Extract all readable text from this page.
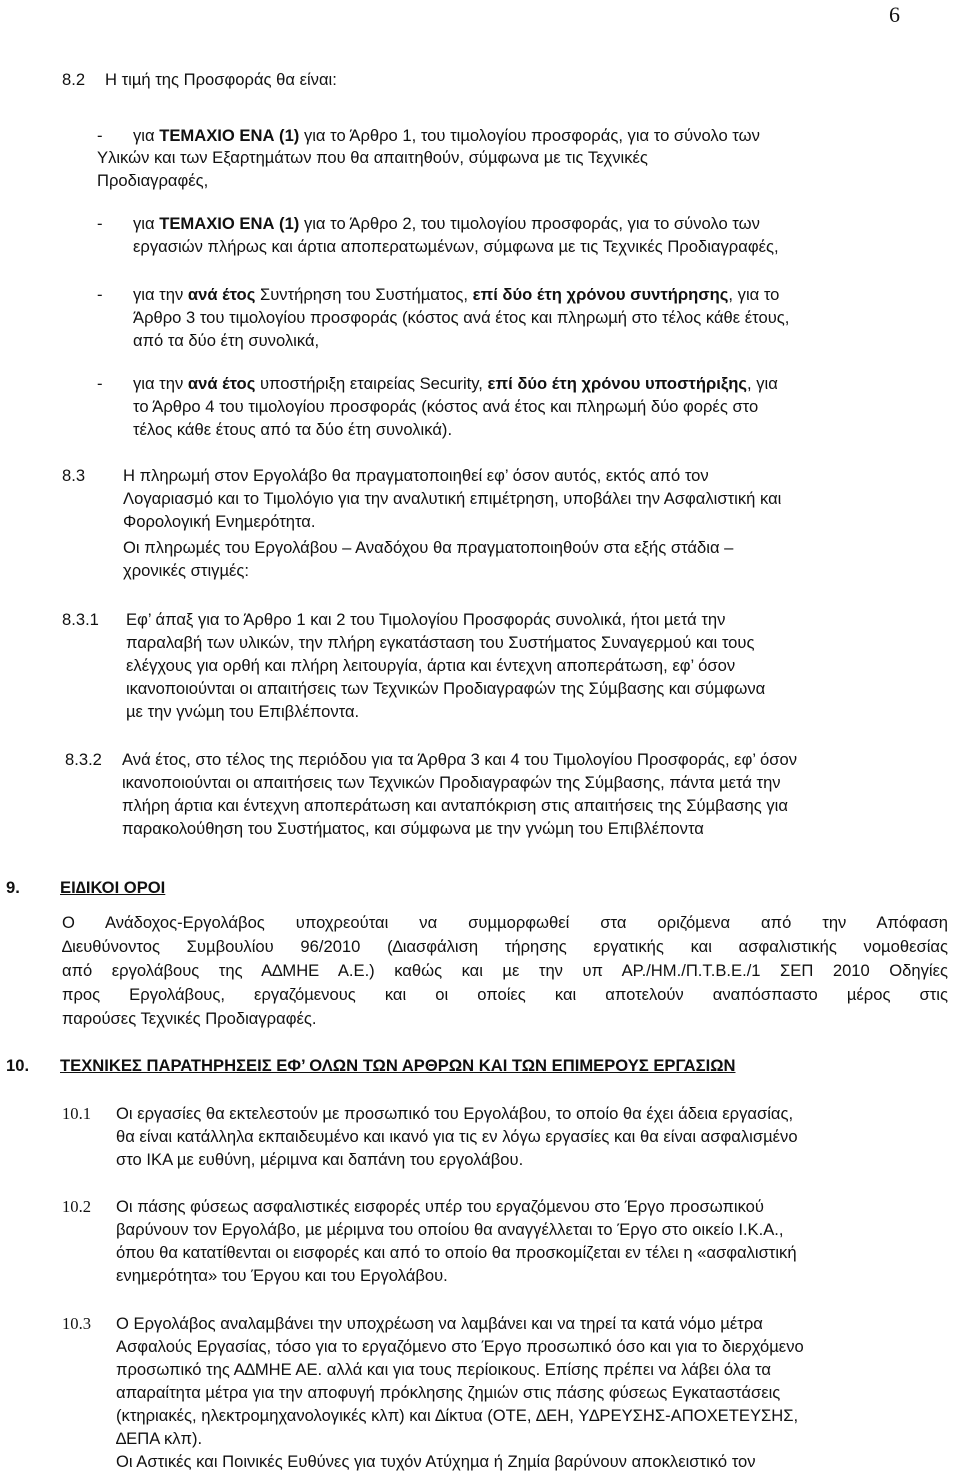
6
8.2 Η τιµή της Προσφοράς θα είναι:
- για ΤΕΜΑΧΙΟ ΕΝΑ (1) για το Άρθρο 1, του τιµολογίου προσφοράς, για το σύνολο των
Υλικών και των Εξαρτηµάτων που θα απαιτηθούν, σύµφωνα µε τις Τεχνικές
Προδιαγραφές,
- για ΤΕΜΑΧΙΟ ΕΝΑ (1) για το Άρθρο 2, του τιµολογίου προσφοράς, για το σύνολο των
εργασιών πλήρως και άρτια αποπερατωµένων, σύµφωνα µε τις Τεχνικές Προδιαγραφές,
- για την ανά έτος Συντήρηση του Συστήµατος, επί δύο έτη χρόνου συντήρησης, για το
Άρθρο 3 του τιµολογίου προσφοράς (κόστος ανά έτος και πληρωµή στο τέλος κάθε έτους,
από τα δύο έτη συνολικά,
- για την ανά έτος υποστήριξη εταιρείας Security, επί δύο έτη χρόνου υποστήριξης, για
το Άρθρο 4 του τιµολογίου προσφοράς (κόστος ανά έτος και πληρωµή δύο φορές στο
τέλος κάθε έτους από τα δύο έτη συνολικά).
8.3 Η πληρωµή στον Εργολάβο θα πραγµατοποιηθεί εφ’ όσον αυτός, εκτός από τον
Λογαριασµό και το Τιµολόγιο για την αναλυτική επιµέτρηση, υποβάλει την Ασφαλιστική και
Φορολογική Ενηµερότητα.
Οι πληρωµές του Εργολάβου – Αναδόχου θα πραγµατοποιηθούν στα εξής στάδια –
χρονικές στιγµές:
8.3.1 Εφ’ άπαξ για το Άρθρο 1 και 2 του Τιµολογίου Προσφοράς συνολικά, ήτοι µετά την
παραλαβή των υλικών, την πλήρη εγκατάσταση του Συστήµατος Συναγερµού και τους
ελέγχους για ορθή και πλήρη λειτουργία, άρτια και έντεχνη αποπεράτωση, εφ’ όσον
ικανοποιούνται οι απαιτήσεις των Τεχνικών Προδιαγραφών της Σύµβασης και σύµφωνα
µε την γνώµη του Επιβλέποντα.
8.3.2 Ανά έτος, στο τέλος της περιόδου για τα Άρθρα 3 και 4 του Τιµολογίου Προσφοράς, εφ’ όσον
ικανοποιούνται οι απαιτήσεις των Τεχνικών Προδιαγραφών της Σύµβασης, πάντα µετά την
πλήρη άρτια και έντεχνη αποπεράτωση και ανταπόκριση στις απαιτήσεις της Σύµβασης για
παρακολούθηση του Συστήµατος, και σύµφωνα µε την γνώµη του Επιβλέποντα
9. ΕΙ∆ΙΚΟΙ ΟΡΟΙ
Ο Ανάδοχος-Εργολάβος υποχρεούται να συµµορφωθεί στα οριζόµενα από την Απόφαση
∆ιευθύνοντος Συµβουλίου 96/2010 (∆ιασφάλιση τήρησης εργατικής και ασφαλιστικής νοµοθεσίας
από εργολάβους της Α∆ΜΗΕ Α.Ε.) καθώς και µε την υπ ΑΡ./ΗΜ./Π.Τ.Β.Ε./1 ΣΕΠ 2010 Οδηγίες
προς Εργολάβους, εργαζόµενους και οι οποίες και αποτελούν αναπόσπαστο µέρος στις
παρούσες Τεχνικές Προδιαγραφές.
10. ΤΕΧΝΙΚΕΣ ΠΑΡΑΤΗΡΗΣΕΙΣ ΕΦ’ ΟΛΩΝ ΤΩΝ ΑΡΘΡΩΝ ΚΑΙ ΤΩΝ ΕΠΙΜΕΡΟΥΣ ΕΡΓΑΣΙΩΝ
10.1 Οι εργασίες θα εκτελεστούν µε προσωπικό του Εργολάβου, το οποίο θα έχει άδεια εργασίας,
θα είναι κατάλληλα εκπαιδευµένο και ικανό για τις εν λόγω εργασίες και θα είναι ασφαλισµένο
στο ΙΚΑ µε ευθύνη, µέριµνα και δαπάνη του εργολάβου.
10.2 Οι πάσης φύσεως ασφαλιστικές εισφορές υπέρ του εργαζόµενου στο Έργο προσωπικού
βαρύνουν τον Εργολάβο, µε µέριµνα του οποίου θα αναγγέλλεται το Έργο στο οικείο Ι.Κ.Α.,
όπου θα κατατίθενται οι εισφορές και από το οποίο θα προσκοµίζεται εν τέλει η «ασφαλιστική
ενηµερότητα» του Έργου και του Εργολάβου.
10.3 Ο Εργολάβος αναλαµβάνει την υποχρέωση να λαµβάνει και να τηρεί τα κατά νόµο µέτρα
Ασφαλούς Εργασίας, τόσο για το εργαζόµενο στο Έργο προσωπικό όσο και για το διερχόµενο
προσωπικό της Α∆ΜΗΕ ΑΕ. αλλά και για τους περίοικους. Επίσης πρέπει να λάβει όλα τα
απαραίτητα µέτρα για την αποφυγή πρόκλησης ζηµιών στις πάσης φύσεως Εγκαταστάσεις
(κτηριακές, ηλεκτροµηχανολογικές κλπ) και ∆ίκτυα (ΟΤΕ, ∆ΕΗ, Υ∆ΡΕΥΣΗΣ-ΑΠΟΧΕΤΕΥΣΗΣ,
∆ΕΠΑ κλπ).
Οι Αστικές και Ποινικές Ευθύνες για τυχόν Ατύχηµα ή Ζηµία βαρύνουν αποκλειστικό τον
